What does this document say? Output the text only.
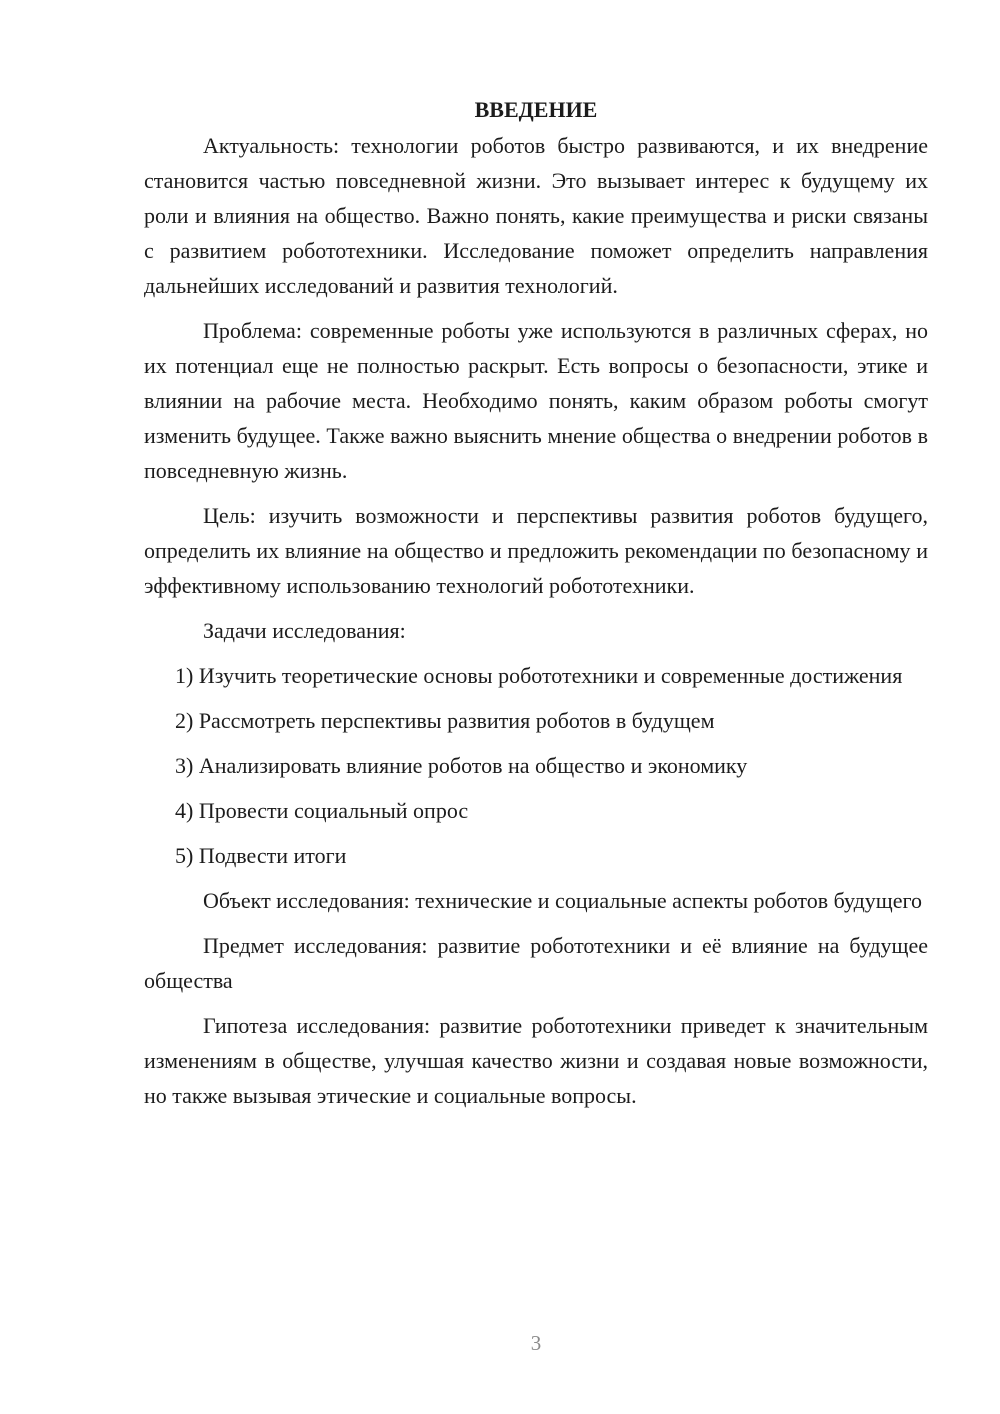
ВВЕДЕНИЕ

Актуальность: технологии роботов быстро развиваются, и их внедрение становится частью повседневной жизни. Это вызывает интерес к будущему их роли и влияния на общество. Важно понять, какие преимущества и риски связаны с развитием робототехники. Исследование поможет определить направления дальнейших исследований и развития технологий.

Проблема: современные роботы уже используются в различных сферах, но их потенциал еще не полностью раскрыт. Есть вопросы о безопасности, этике и влиянии на рабочие места. Необходимо понять, каким образом роботы смогут изменить будущее. Также важно выяснить мнение общества о внедрении роботов в повседневную жизнь.

Цель: изучить возможности и перспективы развития роботов будущего, определить их влияние на общество и предложить рекомендации по безопасному и эффективному использованию технологий робототехники.

Задачи исследования:

1) Изучить теоретические основы робототехники и современные достижения

2) Рассмотреть перспективы развития роботов в будущем

3) Анализировать влияние роботов на общество и экономику

4) Провести социальный опрос

5) Подвести итоги

Объект исследования: технические и социальные аспекты роботов будущего

Предмет исследования: развитие робототехники и её влияние на будущее общества

Гипотеза исследования: развитие робототехники приведет к значительным изменениям в обществе, улучшая качество жизни и создавая новые возможности, но также вызывая этические и социальные вопросы.

3
